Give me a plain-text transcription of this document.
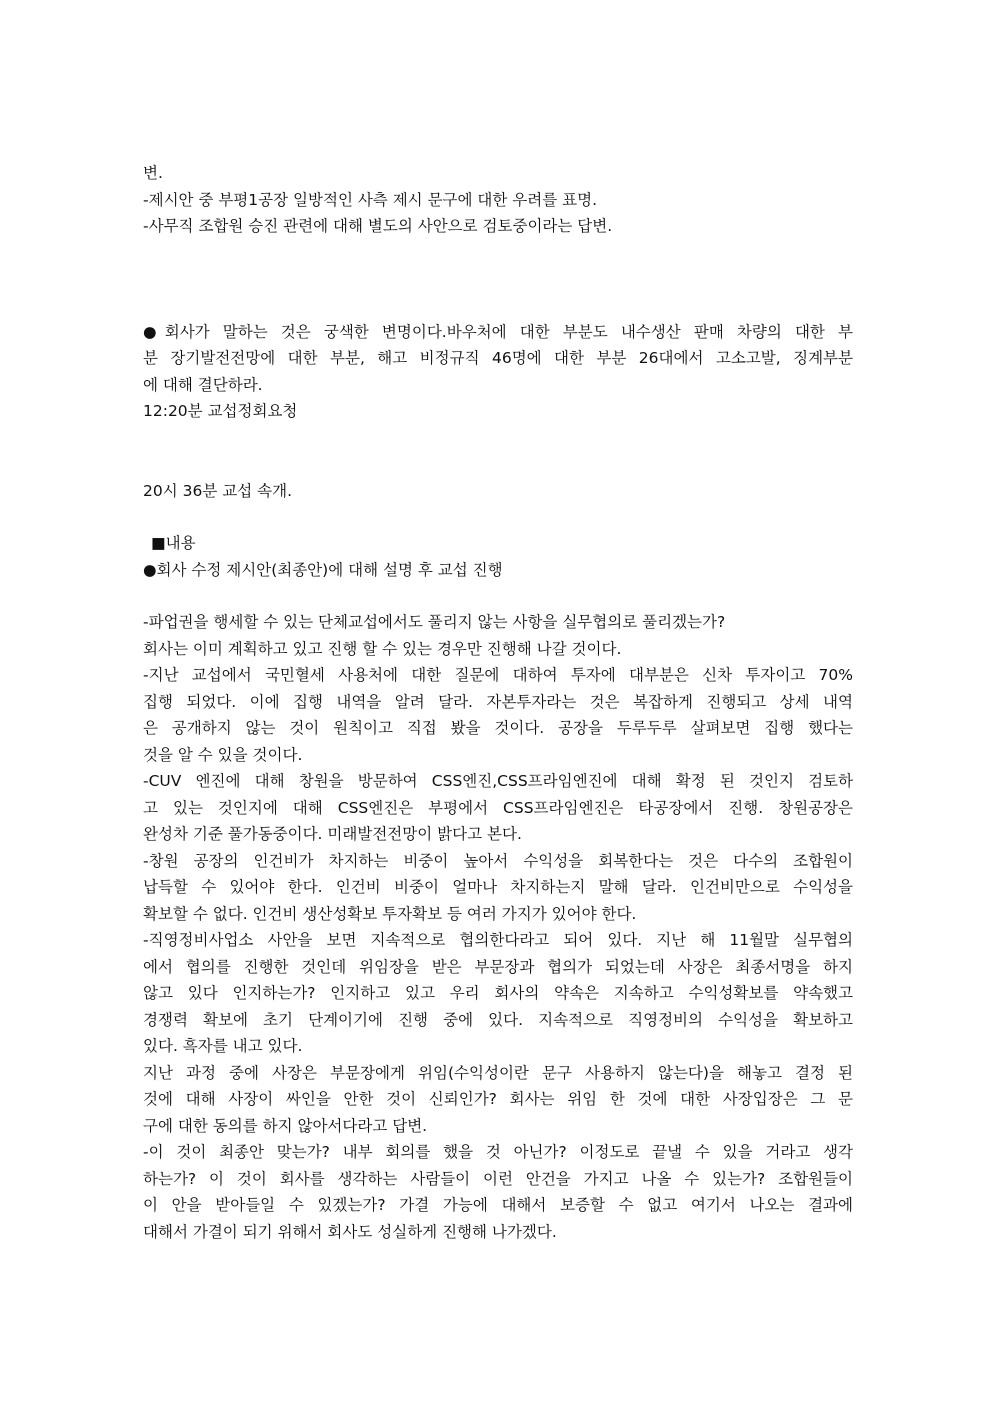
변.

-제시안 중 부평1공장 일방적인 사측 제시 문구에 대한 우려를 표명.

-사무직 조합원 승진 관련에 대해 별도의 사안으로 검토중이라는 답변.

●회사가 말하는 것은 궁색한 변명이다.바우처에 대한 부분도 내수생산 판매 차량의 대한 부

분 장기발전전망에 대한 부분, 해고 비정규직 46명에 대한 부분 26대에서 고소고발, 징계부분

에 대해 결단하라.

12:20분 교섭정회요청

20시 36분 교섭 속개.

■내용

●회사 수정 제시안(최종안)에 대해 설명 후 교섭 진행

-파업권을 행세할 수 있는 단체교섭에서도 풀리지 않는 사항을 실무협의로 풀리겠는가?

회사는 이미 계획하고 있고 진행 할 수 있는 경우만 진행해 나갈 것이다.

-지난 교섭에서 국민혈세 사용처에 대한 질문에 대하여 투자에 대부분은 신차 투자이고 70%

집행 되었다. 이에 집행 내역을 알려 달라. 자본투자라는 것은 복잡하게 진행되고 상세 내역

은 공개하지 않는 것이 원칙이고 직접 봤을 것이다. 공장을 두루두루 살펴보면 집행 했다는

것을 알 수 있을 것이다.

-CUV 엔진에 대해 창원을 방문하여 CSS엔진,CSS프라임엔진에 대해 확정 된 것인지 검토하

고 있는 것인지에 대해 CSS엔진은 부평에서 CSS프라임엔진은 타공장에서 진행. 창원공장은

완성차 기준 풀가동중이다. 미래발전전망이 밝다고 본다.

-창원 공장의 인건비가 차지하는 비중이 높아서 수익성을 회복한다는 것은 다수의 조합원이

납득할 수 있어야 한다. 인건비 비중이 얼마나 차지하는지 말해 달라. 인건비만으로 수익성을

확보할 수 없다. 인건비 생산성확보 투자확보 등 여러 가지가 있어야 한다.

-직영정비사업소 사안을 보면 지속적으로 협의한다라고 되어 있다. 지난 해 11월말 실무협의

에서 협의를 진행한 것인데 위임장을 받은 부문장과 협의가 되었는데 사장은 최종서명을 하지

않고 있다 인지하는가? 인지하고 있고 우리 회사의 약속은 지속하고 수익성확보를 약속했고

경쟁력 확보에 초기 단계이기에 진행 중에 있다. 지속적으로 직영정비의 수익성을 확보하고

있다. 흑자를 내고 있다.

지난 과정 중에 사장은 부문장에게 위임(수익성이란 문구 사용하지 않는다)을 해놓고 결정 된

것에 대해 사장이 싸인을 안한 것이 신뢰인가? 회사는 위임 한 것에 대한 사장입장은 그 문

구에 대한 동의를 하지 않아서다라고 답변.

-이 것이 최종안 맞는가? 내부 회의를 했을 것 아닌가? 이정도로 끝낼 수 있을 거라고 생각

하는가? 이 것이 회사를 생각하는 사람들이 이런 안건을 가지고 나올 수 있는가? 조합원들이

이 안을 받아들일 수 있겠는가? 가결 가능에 대해서 보증할 수 없고 여기서 나오는 결과에

대해서 가결이 되기 위해서 회사도 성실하게 진행해 나가겠다.
